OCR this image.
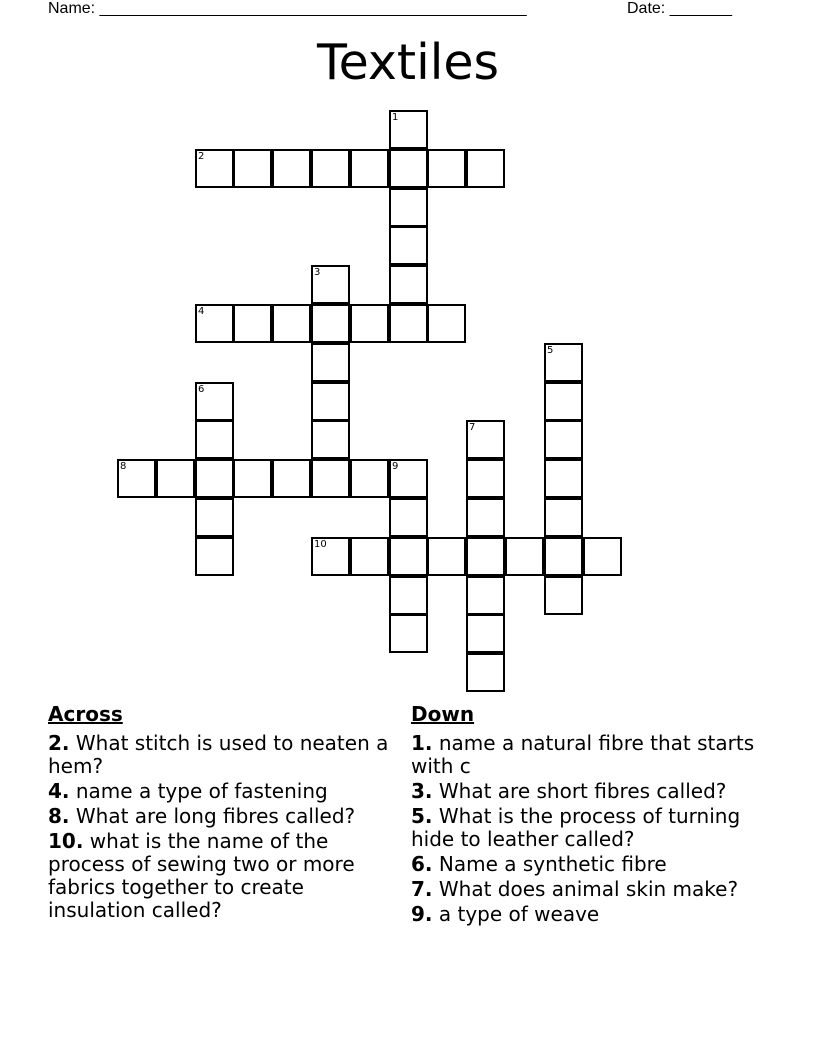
Name: ________________________________________________	Date: _______
Textiles
1
2
3
4
5
6
7
8	9
10
Across
2. What stitch is used to neaten a hem?
4. name a type of fastening
8. What are long fibres called?
10. what is the name of the process of sewing two or more fabrics together to create insulation called?
Down
1. name a natural fibre that starts with c
3. What are short fibres called?
5. What is the process of turning hide to leather called?
6. Name a synthetic fibre
7. What does animal skin make?
9. a type of weave
